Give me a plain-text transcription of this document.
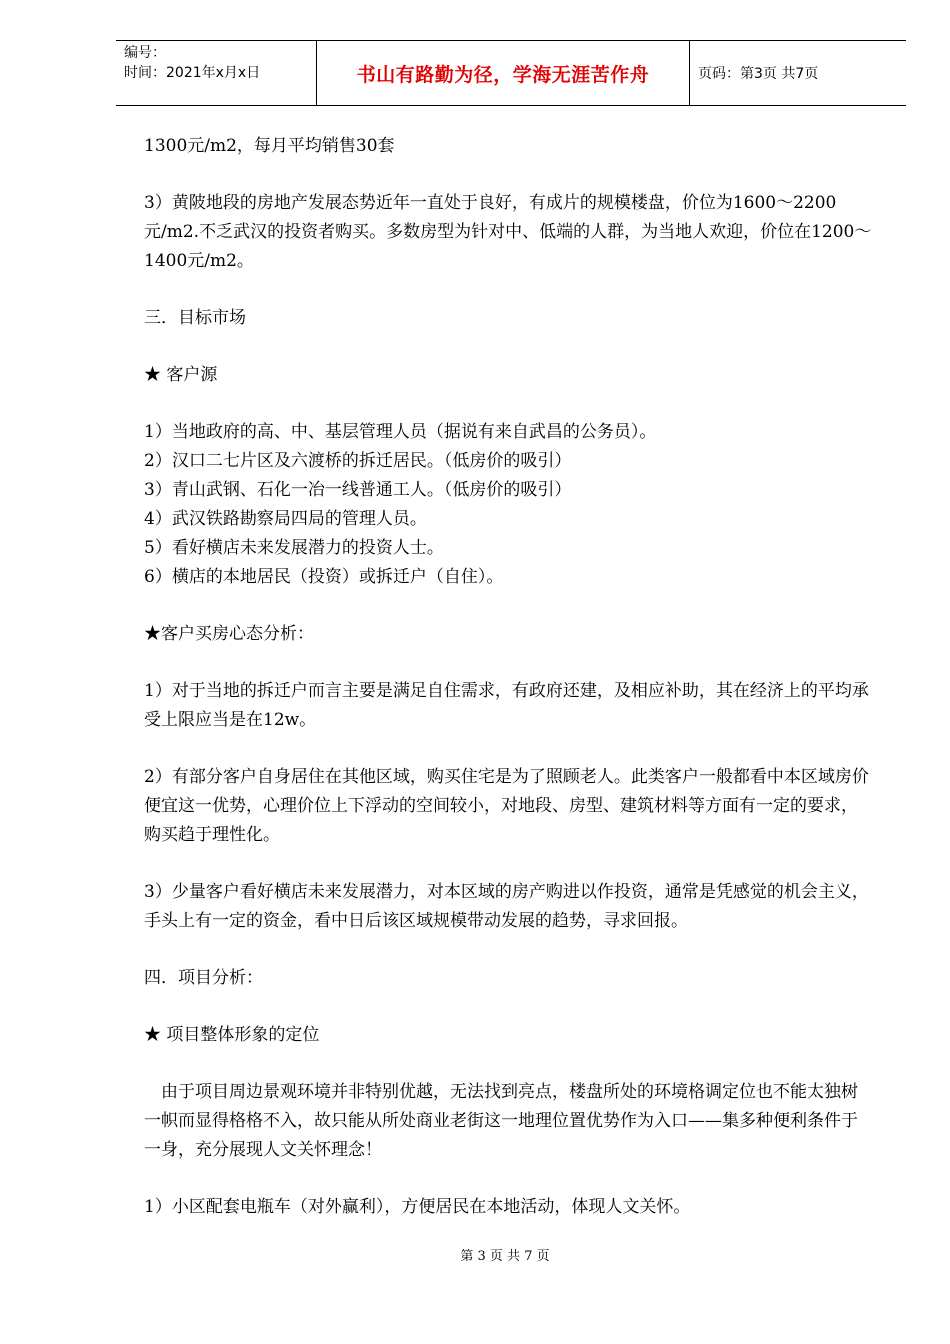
编号：
时间：2021年x月x日	书山有路勤为径，学海无涯苦作舟	页码：第3页 共7页

1300元/m2，每月平均销售30套

3）黄陂地段的房地产发展态势近年一直处于良好，有成片的规模楼盘，价位为1600～2200元/m2.不乏武汉的投资者购买。多数房型为针对中、低端的人群，为当地人欢迎，价位在1200～1400元/m2。

三．目标市场

★ 客户源

1）当地政府的高、中、基层管理人员（据说有来自武昌的公务员）。

2）汉口二七片区及六渡桥的拆迁居民。（低房价的吸引）

3）青山武钢、石化一冶一线普通工人。（低房价的吸引）

4）武汉铁路勘察局四局的管理人员。

5）看好横店未来发展潜力的投资人士。

6）横店的本地居民（投资）或拆迁户（自住）。

★客户买房心态分析：

1）对于当地的拆迁户而言主要是满足自住需求，有政府还建，及相应补助，其在经济上的平均承受上限应当是在12w。

2）有部分客户自身居住在其他区域，购买住宅是为了照顾老人。此类客户一般都看中本区域房价便宜这一优势，心理价位上下浮动的空间较小，对地段、房型、建筑材料等方面有一定的要求，购买趋于理性化。

3）少量客户看好横店未来发展潜力，对本区域的房产购进以作投资，通常是凭感觉的机会主义，手头上有一定的资金，看中日后该区域规模带动发展的趋势，寻求回报。

四．项目分析：

★ 项目整体形象的定位

由于项目周边景观环境并非特别优越，无法找到亮点，楼盘所处的环境格调定位也不能太独树一帜而显得格格不入，故只能从所处商业老街这一地理位置优势作为入口——集多种便利条件于一身，充分展现人文关怀理念！

1）小区配套电瓶车（对外赢利），方便居民在本地活动，体现人文关怀。

第 3 页 共 7 页
